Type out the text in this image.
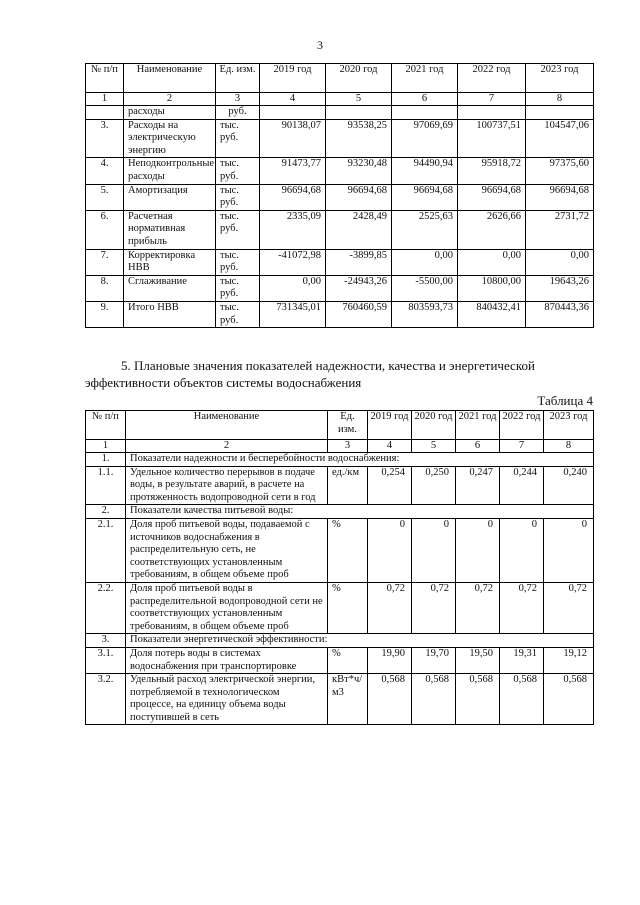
3
№ п/п	Наименование	Ед. изм.	2019 год	2020 год	2021 год	2022 год	2023 год
1	2	3	4	5	6	7	8
	расходы	руб.					
3.	Расходы на электрическую энергию	тыс. руб.	90138,07	93538,25	97069,69	100737,51	104547,06
4.	Неподконтрольные расходы	тыс. руб.	91473,77	93230,48	94490,94	95918,72	97375,60
5.	Амортизация	тыс. руб.	96694,68	96694,68	96694,68	96694,68	96694,68
6.	Расчетная нормативная прибыль	тыс. руб.	2335,09	2428,49	2525,63	2626,66	2731,72
7.	Корректировка НВВ	тыс. руб.	-41072,98	-3899,85	0,00	0,00	0,00
8.	Сглаживание	тыс. руб.	0,00	-24943,26	-5500,00	10800,00	19643,26
9.	Итого НВВ	тыс. руб.	731345,01	760460,59	803593,73	840432,41	870443,36
5. Плановые значения показателей надежности, качества и энергетической
эффективности объектов системы водоснабжения
Таблица 4
№ п/п	Наименование	Ед. изм.	2019 год	2020 год	2021 год	2022 год	2023 год
1	2	3	4	5	6	7	8
1.	Показатели надежности и бесперебойности водоснабжения:						
1.1.	Удельное количество перерывов в подаче воды, в результате аварий, в расчете на протяженность водопроводной сети в год	ед./км	0,254	0,250	0,247	0,244	0,240
2.	Показатели качества питьевой воды:						
2.1.	Доля проб питьевой воды, подаваемой с источников водоснабжения в распределительную сеть, не соответствующих установленным требованиям, в общем объеме проб	%	0	0	0	0	0
2.2.	Доля проб питьевой воды в распределительной водопроводной сети не соответствующих установленным требованиям, в общем объеме проб	%	0,72	0,72	0,72	0,72	0,72
3.	Показатели энергетической эффективности:						
3.1.	Доля потерь воды в системах водоснабжения при транспортировке	%	19,90	19,70	19,50	19,31	19,12
3.2.	Удельный расход электрической энергии, потребляемой в технологическом процессе, на единицу объема воды поступившей в сеть	кВт*ч/м3	0,568	0,568	0,568	0,568	0,568
